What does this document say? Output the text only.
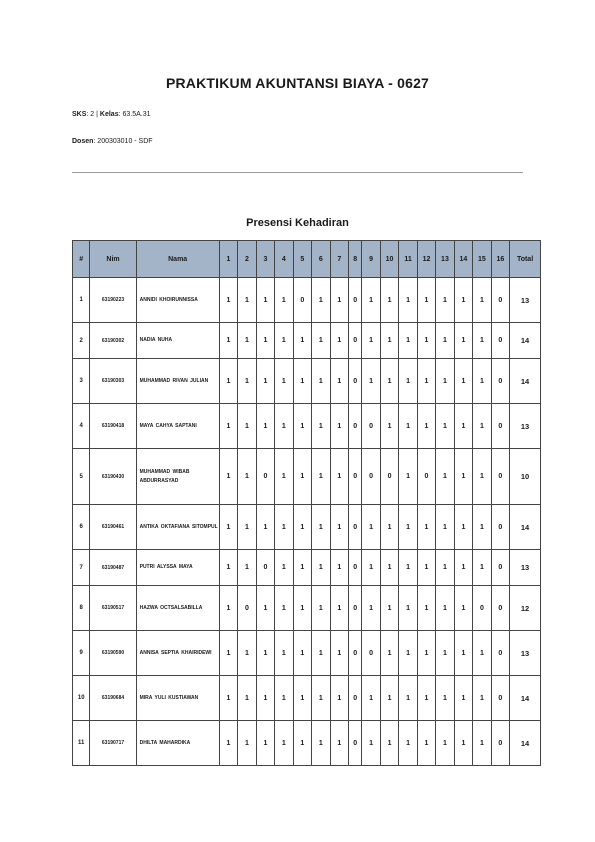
PRAKTIKUM AKUNTANSI BIAYA - 0627
SKS: 2 | Kelas: 63.5A.31
Dosen: 200303010 - SDF
Presensi Kehadiran
#	Nim	Nama	1	2	3	4	5	6	7	8	9	10	11	12	13	14	15	16	Total
1	63190223	ANNIDI KHOIRUNNISSA	1	1	1	1	0	1	1	0	1	1	1	1	1	1	1	0	13
2	63190302	NADIA NUHA	1	1	1	1	1	1	1	0	1	1	1	1	1	1	1	0	14
3	63190303	MUHAMMAD RIVAN JULIAN	1	1	1	1	1	1	1	0	1	1	1	1	1	1	1	0	14
4	63190418	MAYA CAHYA SAPTANI	1	1	1	1	1	1	1	0	0	1	1	1	1	1	1	0	13
5	63190430	MUHAMMAD WIBAB ABDURRASYAD	1	1	0	1	1	1	1	0	0	0	1	0	1	1	1	0	10
6	63190461	ANTIKA OKTAFIANA SITOMPUL	1	1	1	1	1	1	1	0	1	1	1	1	1	1	1	0	14
7	63190487	PUTRI ALYSSA MAYA	1	1	0	1	1	1	1	0	1	1	1	1	1	1	1	0	13
8	63190517	HAZWA OCTSALSABILLA	1	0	1	1	1	1	1	0	1	1	1	1	1	1	0	0	12
9	63190590	ANNISA SEPTIA KHAIRIDEWI	1	1	1	1	1	1	1	0	0	1	1	1	1	1	1	0	13
10	63190684	MIRA YULI KUSTIAWAN	1	1	1	1	1	1	1	0	1	1	1	1	1	1	1	0	14
11	63190717	DHILTA MAHARDIKA	1	1	1	1	1	1	1	0	1	1	1	1	1	1	1	0	14
